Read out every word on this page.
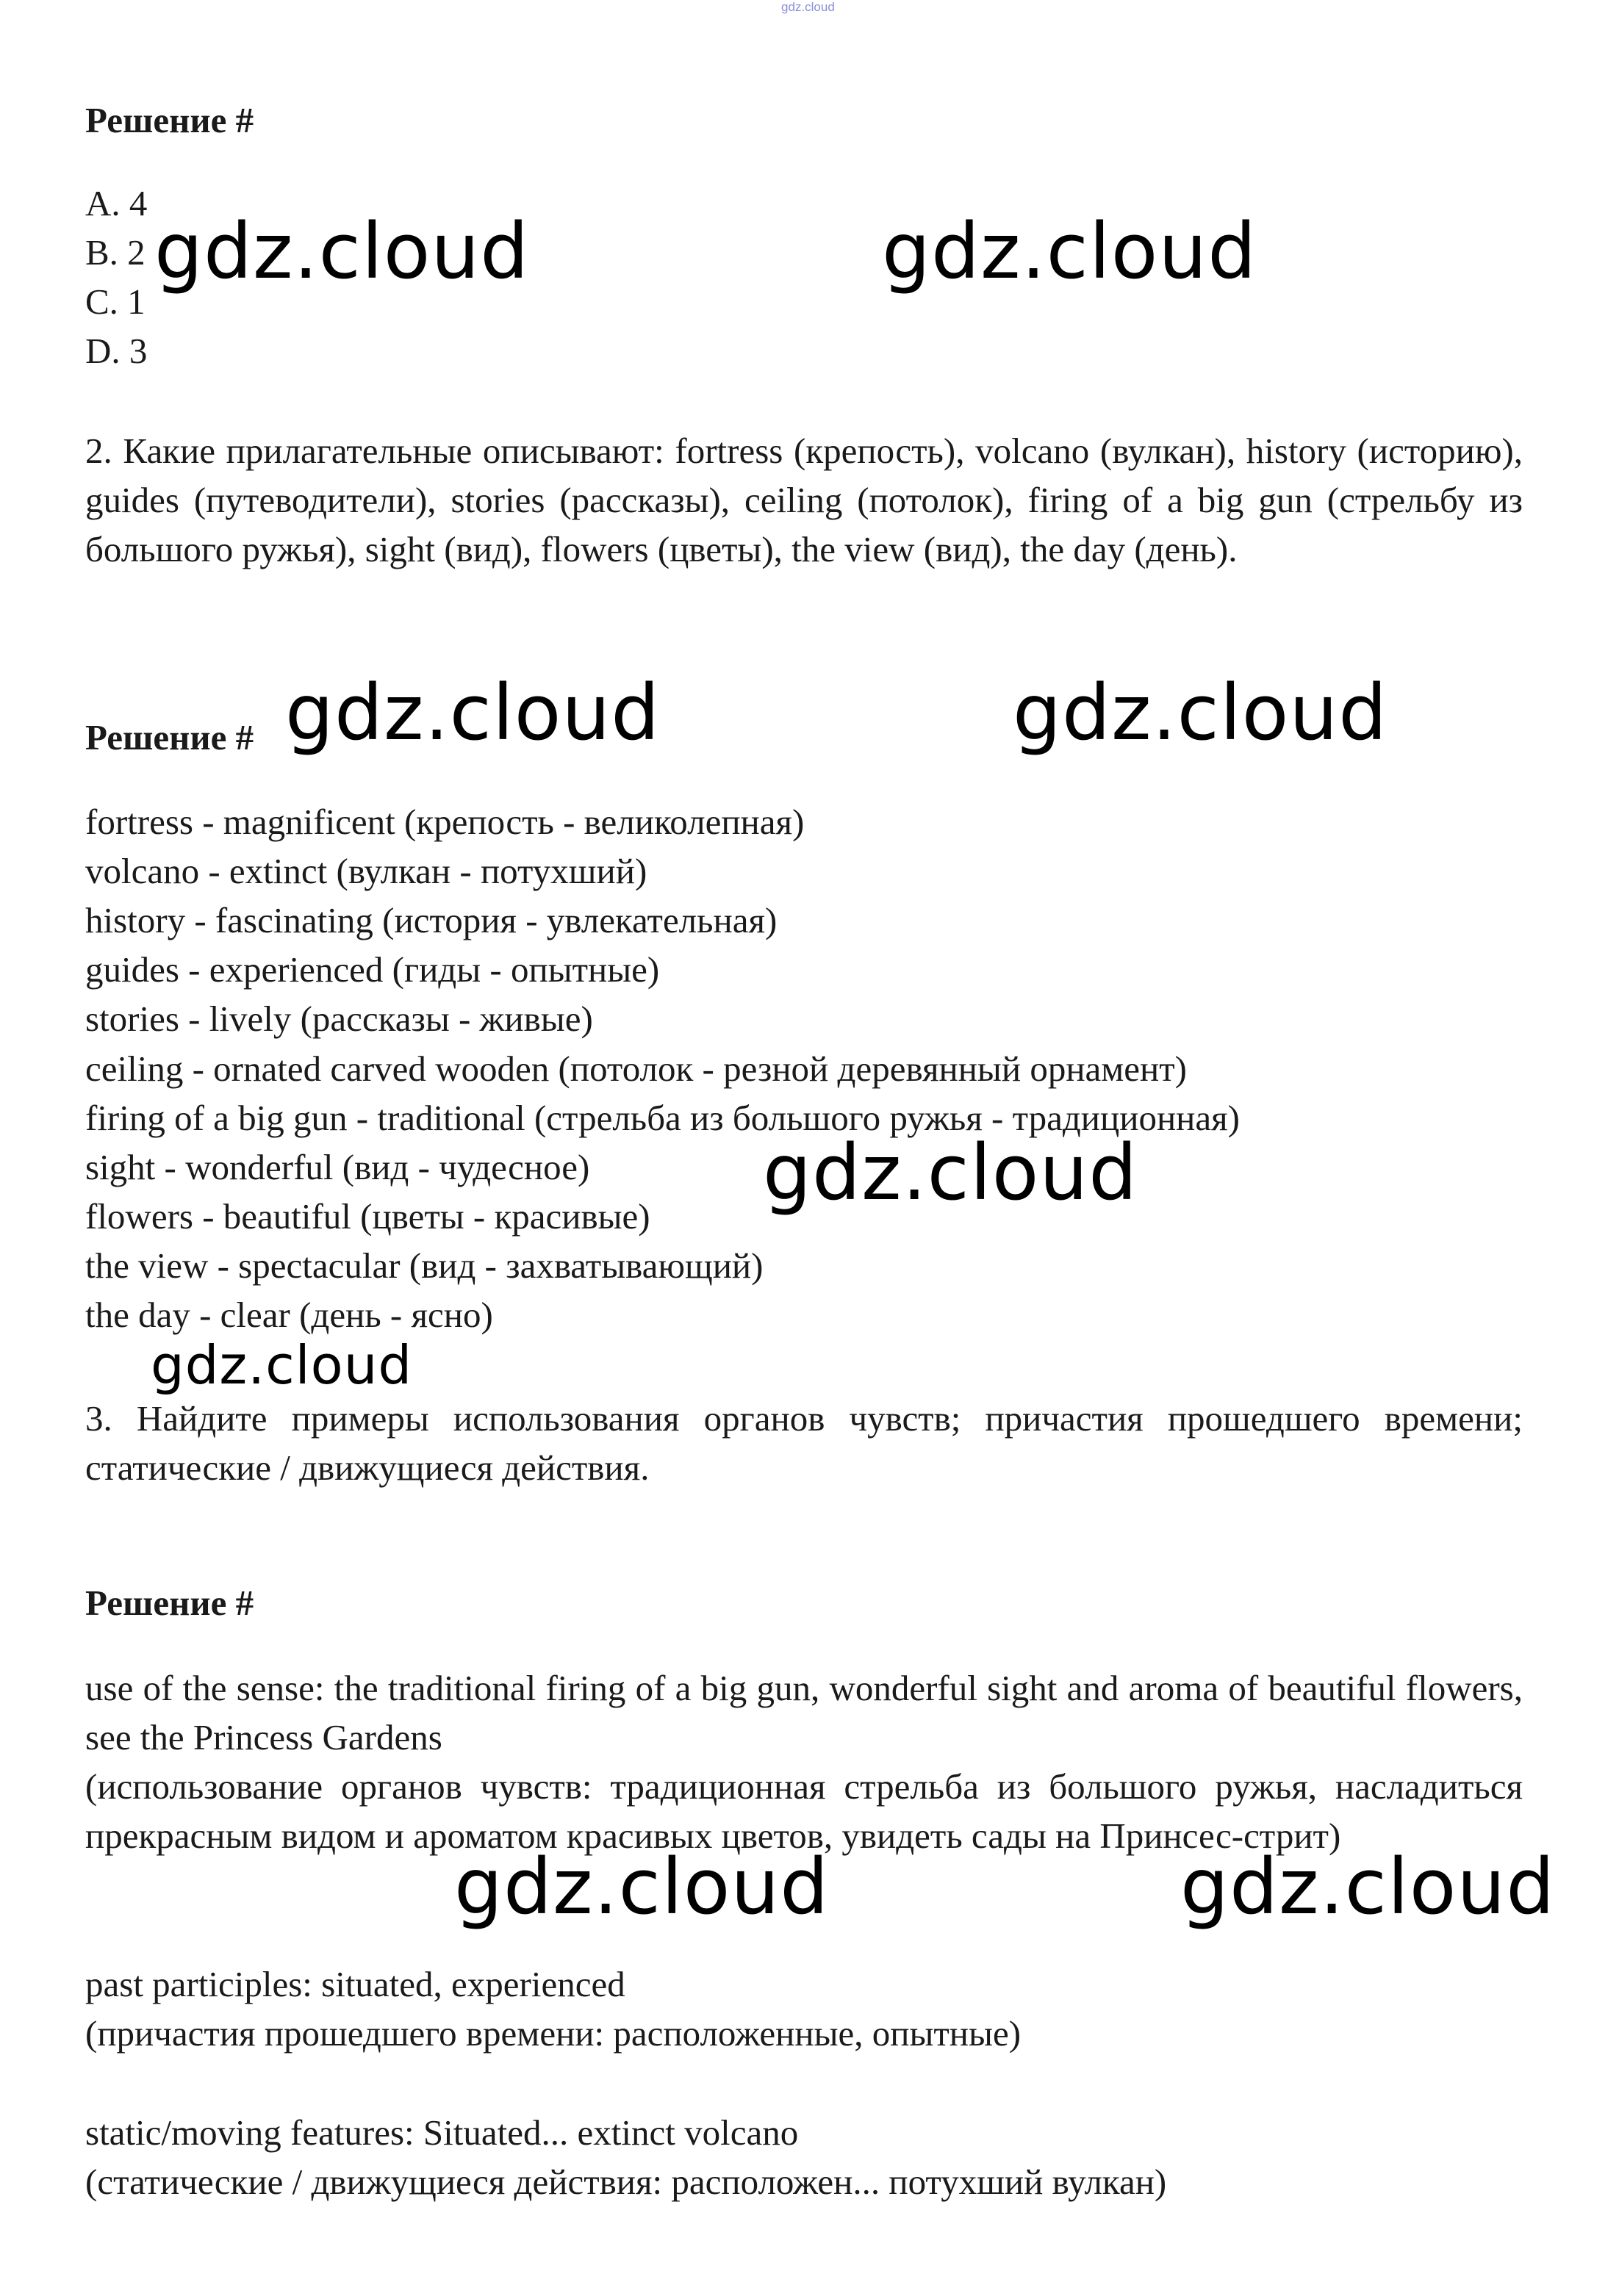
gdz.cloud
Решение #
A. 4
B. 2
C. 1
D. 3
2. Какие прилагательные описывают: fortress (крепость), volcano (вулкан), history (историю), guides (путеводители), stories (рассказы), ceiling (потолок), firing of a big gun (стрельбу из большого ружья), sight (вид), flowers (цветы), the view (вид), the day (день).
Решение #
fortress - magnificent (крепость - великолепная)
volcano - extinct (вулкан - потухший)
history - fascinating (история - увлекательная)
guides - experienced (гиды - опытные)
stories - lively (рассказы - живые)
ceiling - ornated carved wooden (потолок - резной деревянный орнамент)
firing of a big gun - traditional (стрельба из большого ружья - традиционная)
sight - wonderful (вид - чудесное)
flowers - beautiful (цветы - красивые)
the view - spectacular (вид - захватывающий)
the day - clear (день - ясно)
3. Найдите примеры использования органов чувств; причастия прошедшего времени; статические / движущиеся действия.
Решение #
use of the sense: the traditional firing of a big gun, wonderful sight and aroma of beautiful flowers, see the Princess Gardens
(использование органов чувств: традиционная стрельба из большого ружья, насладиться прекрасным видом и ароматом красивых цветов, увидеть сады на Принсес-стрит)
past participles: situated, experienced
(причастия прошедшего времени: расположенные, опытные)
static/moving features: Situated... extinct volcano
(статические / движущиеся действия: расположен... потухший вулкан)
gdz.cloud	gdz.cloud
gdz.cloud	gdz.cloud
gdz.cloud
gdz.cloud
gdz.cloud	gdz.cloud
